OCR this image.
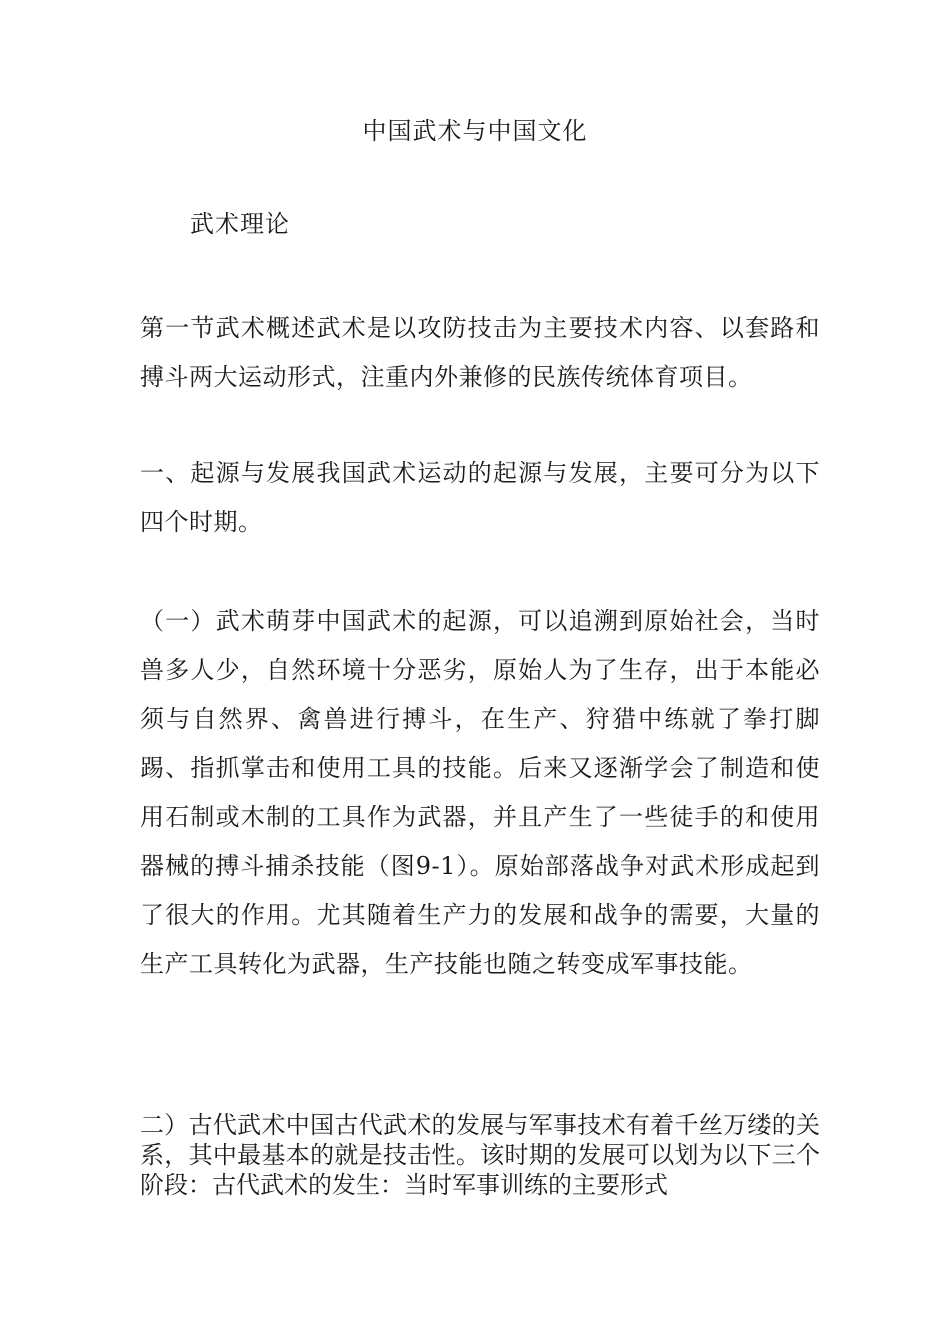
中国武术与中国文化
武术理论

第一节武术概述武术是以攻防技击为主要技术内容、以套路和搏斗两大运动形式，注重内外兼修的民族传统体育项目。

一、起源与发展我国武术运动的起源与发展，主要可分为以下四个时期。

（一）武术萌芽中国武术的起源，可以追溯到原始社会，当时兽多人少，自然环境十分恶劣，原始人为了生存，出于本能必须与自然界、禽兽进行搏斗，在生产、狩猎中练就了拳打脚踢、指抓掌击和使用工具的技能。后来又逐渐学会了制造和使用石制或木制的工具作为武器，并且产生了一些徒手的和使用器械的搏斗捕杀技能（图9-1）。原始部落战争对武术形成起到了很大的作用。尤其随着生产力的发展和战争的需要，大量的生产工具转化为武器，生产技能也随之转变成军事技能。

二）古代武术中国古代武术的发展与军事技术有着千丝万缕的关系，其中最基本的就是技击性。该时期的发展可以划为以下三个阶段：古代武术的发生：当时军事训练的主要形式
